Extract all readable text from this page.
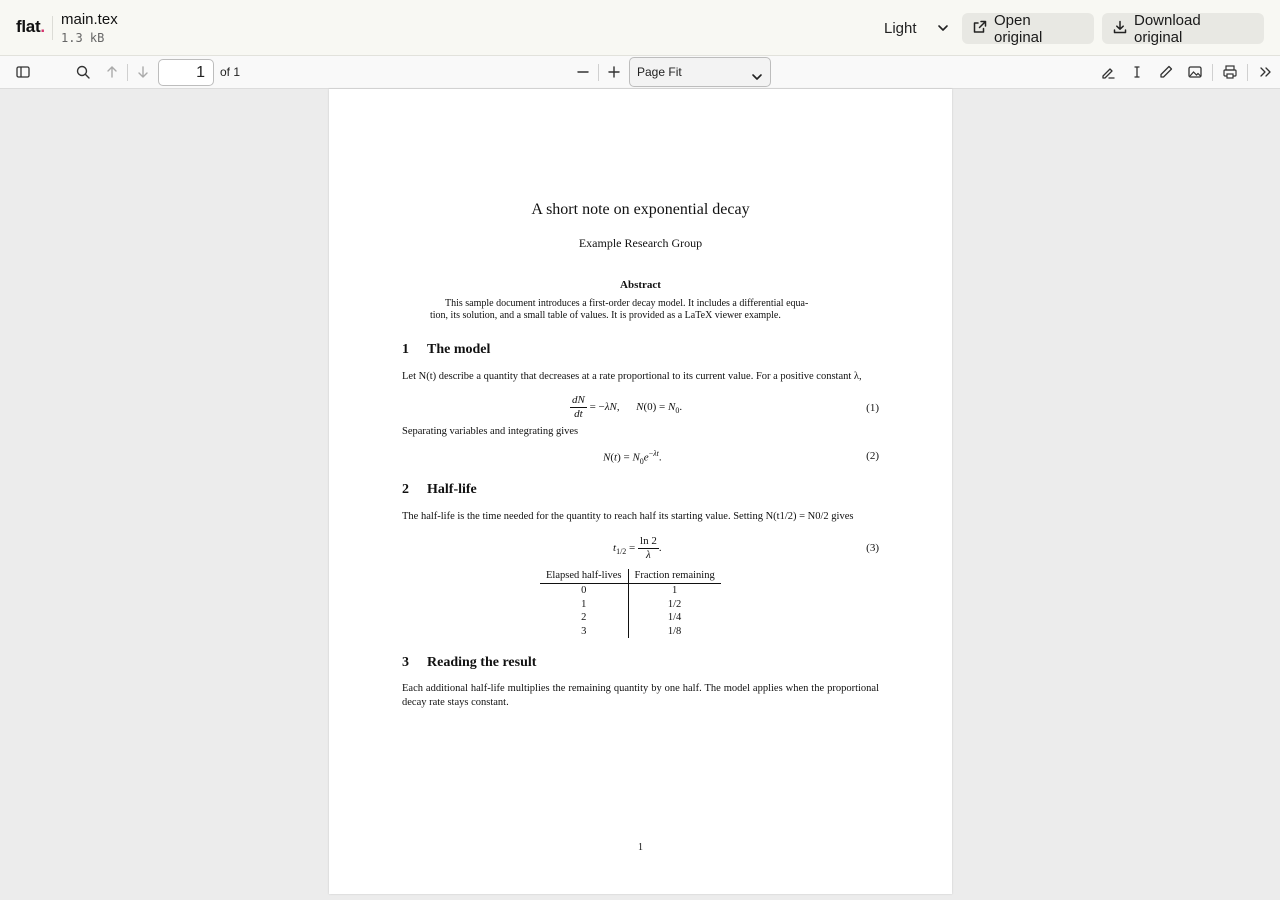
flat. main.tex
1.3 kB
Light	Open original
Download original
1	of 1	Page Fit
A short note on exponential decay
Example Research Group
Abstract
This sample document introduces a first-order decay model. It includes a differential equa-
tion, its solution, and a small table of values. It is provided as a LaTeX viewer example.
1 The model
Let N(t) describe a quantity that decreases at a rate proportional to its current value. For a positive constant λ,
$\frac{dN}{dt} = -\lambda N$,      $N(0) = N_0$.	(1)
Separating variables and integrating gives
$N(t) = N_0e^{-\lambda t}$.	(2)
2 Half-life
The half-life is the time needed for the quantity to reach half its starting value. Setting N(t1/2) = N0/2 gives
$t_{1/2} = \frac{\ln 2}{\lambda}$ .	(3)
Elapsed half-lives	Fraction remaining
0	1
1	1/2
2	1/4
3	1/8
3 Reading the result
Each additional half-life multiplies the remaining quantity by one half. The model applies when the proportional decay rate stays constant.
1
